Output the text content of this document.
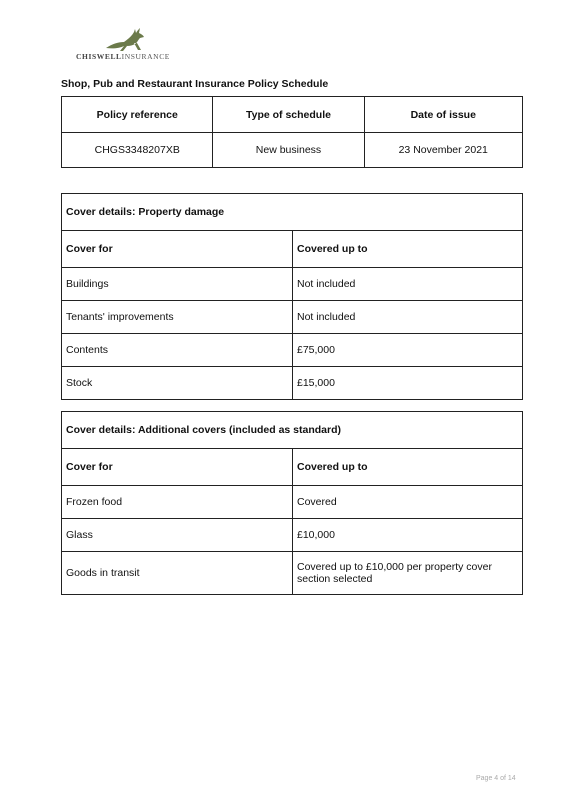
CHISWELLINSURANCE
Shop, Pub and Restaurant Insurance Policy Schedule
Policy reference	Type of schedule	Date of issue
CHGS3348207XB	New business	23 November 2021
Cover details: Property damage	
Cover for	Covered up to
Buildings	Not included
Tenants' improvements	Not included
Contents	£75,000
Stock	£15,000
Cover details: Additional covers (included as standard)	
Cover for	Covered up to
Frozen food	Covered
Glass	£10,000
Goods in transit	Covered up to £10,000 per property cover section selected
Page 4 of 14
